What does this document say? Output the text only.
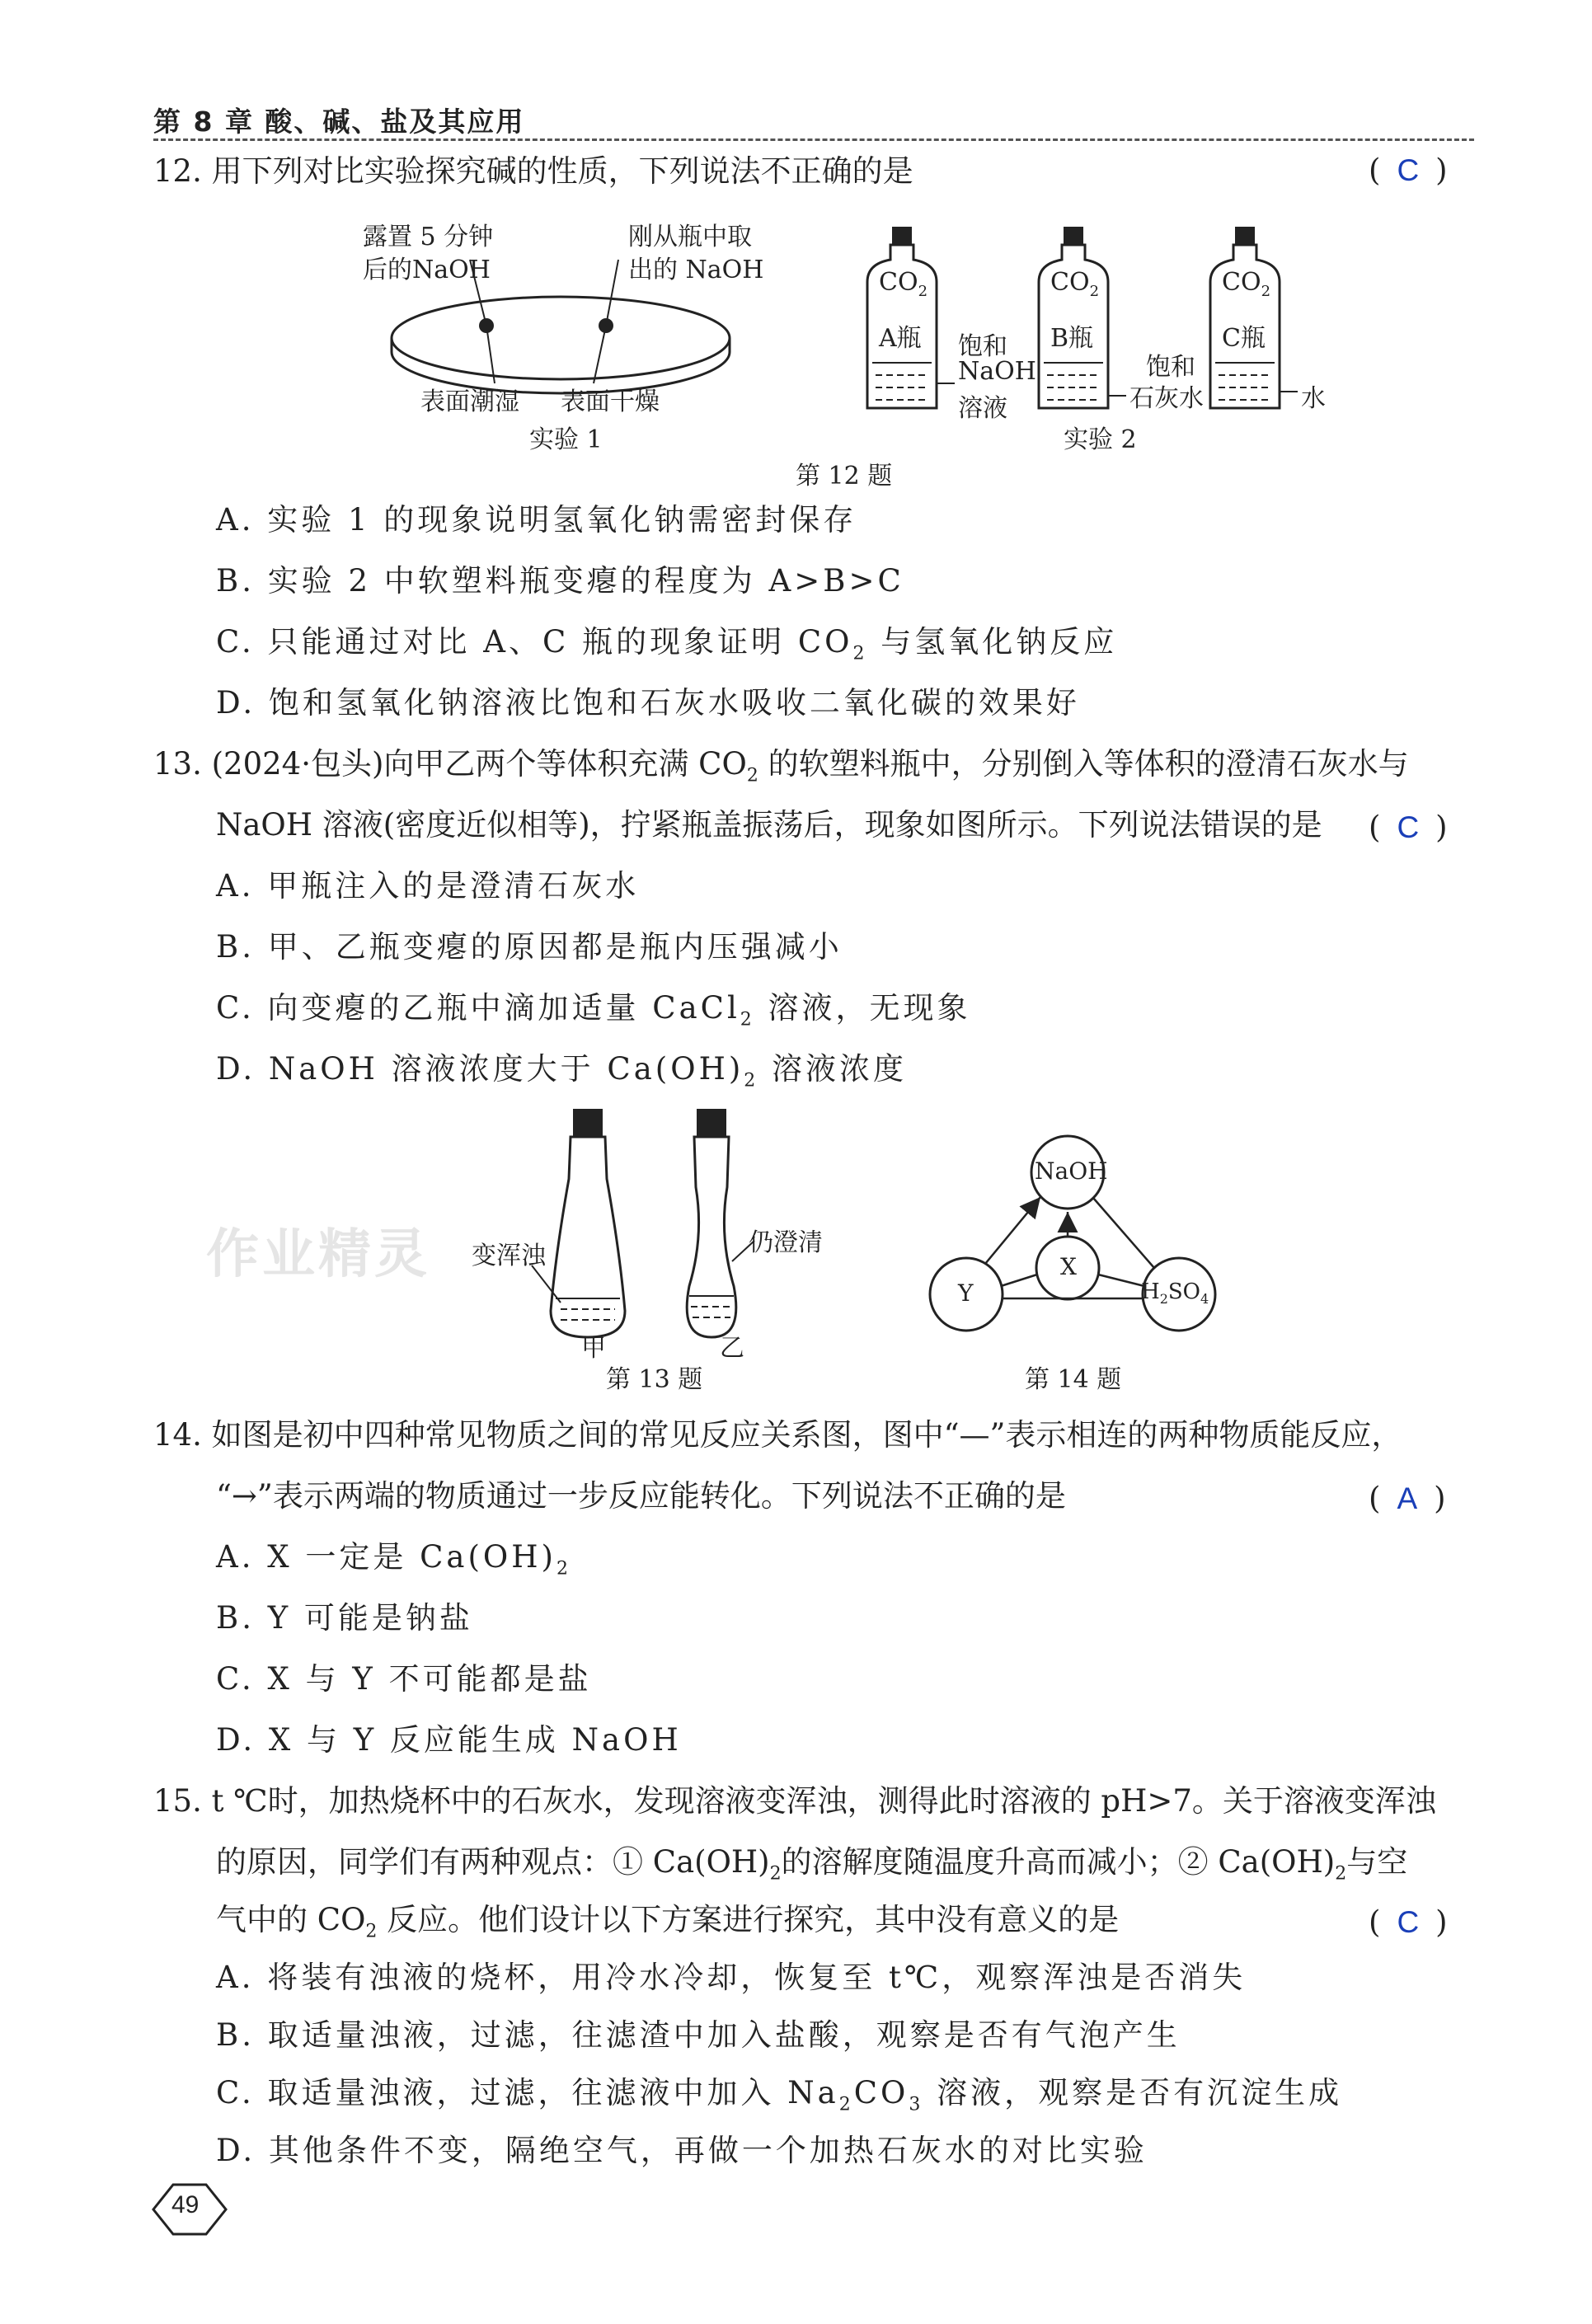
第 8 章 酸、碱、盐及其应用
12. 用下列对比实验探究碱的性质，下列说法不正确的是	( C )
露置 5 分钟
后的NaOH
刚从瓶中取
出的 NaOH
表面潮湿 表面干燥
实验 1
$CO_2$
A瓶
$CO_2$
B瓶
$CO_2$
C瓶
饱和
NaOH
溶液
饱和
石灰水	水
实验 2
第 12 题
A. 实验 1 的现象说明氢氧化钠需密封保存
B. 实验 2 中软塑料瓶变瘪的程度为 A>B>C
C. 只能通过对比 A、C 瓶的现象证明 $CO_2$ 与氢氧化钠反应
D. 饱和氢氧化钠溶液比饱和石灰水吸收二氧化碳的效果好
13. (2024·包头)向甲乙两个等体积充满 $CO_2$ 的软塑料瓶中，分别倒入等体积的澄清石灰水与
NaOH 溶液(密度近似相等)，拧紧瓶盖振荡后，现象如图所示。下列说法错误的是 ( C )
A. 甲瓶注入的是澄清石灰水
B. 甲、乙瓶变瘪的原因都是瓶内压强减小
C. 向变瘪的乙瓶中滴加适量 CaCl$_2$ 溶液，无现象
D. NaOH 溶液浓度大于 $Ca(OH)_2$ 溶液浓度
作业精灵 变浑浊	仍澄清
甲	乙
第 13 题
NaOH
X
Y	$H_2SO_4$
第 14 题
14. 如图是初中四种常见物质之间的常见反应关系图，图中“—”表示相连的两种物质能反应，
“→”表示两端的物质通过一步反应能转化。下列说法不正确的是	( A )
A. X 一定是 $Ca(OH)_2$
B. Y 可能是钠盐
C. X 与 Y 不可能都是盐
D. X 与 Y 反应能生成 NaOH
15. t ℃时，加热烧杯中的石灰水，发现溶液变浑浊，测得此时溶液的 pH>7。关于溶液变浑浊
的原因，同学们有两种观点：① $Ca(OH)_2$的溶解度随温度升高而减小；② $Ca(OH)_2$与空
气中的 $CO_2$ 反应。他们设计以下方案进行探究，其中没有意义的是	( C )
A. 将装有浊液的烧杯，用冷水冷却，恢复至 t℃，观察浑浊是否消失
B. 取适量浊液，过滤，往滤渣中加入盐酸，观察是否有气泡产生
C. 取适量浊液，过滤，往滤液中加入 $Na_2CO_3$ 溶液，观察是否有沉淀生成
D. 其他条件不变，隔绝空气，再做一个加热石灰水的对比实验
49
